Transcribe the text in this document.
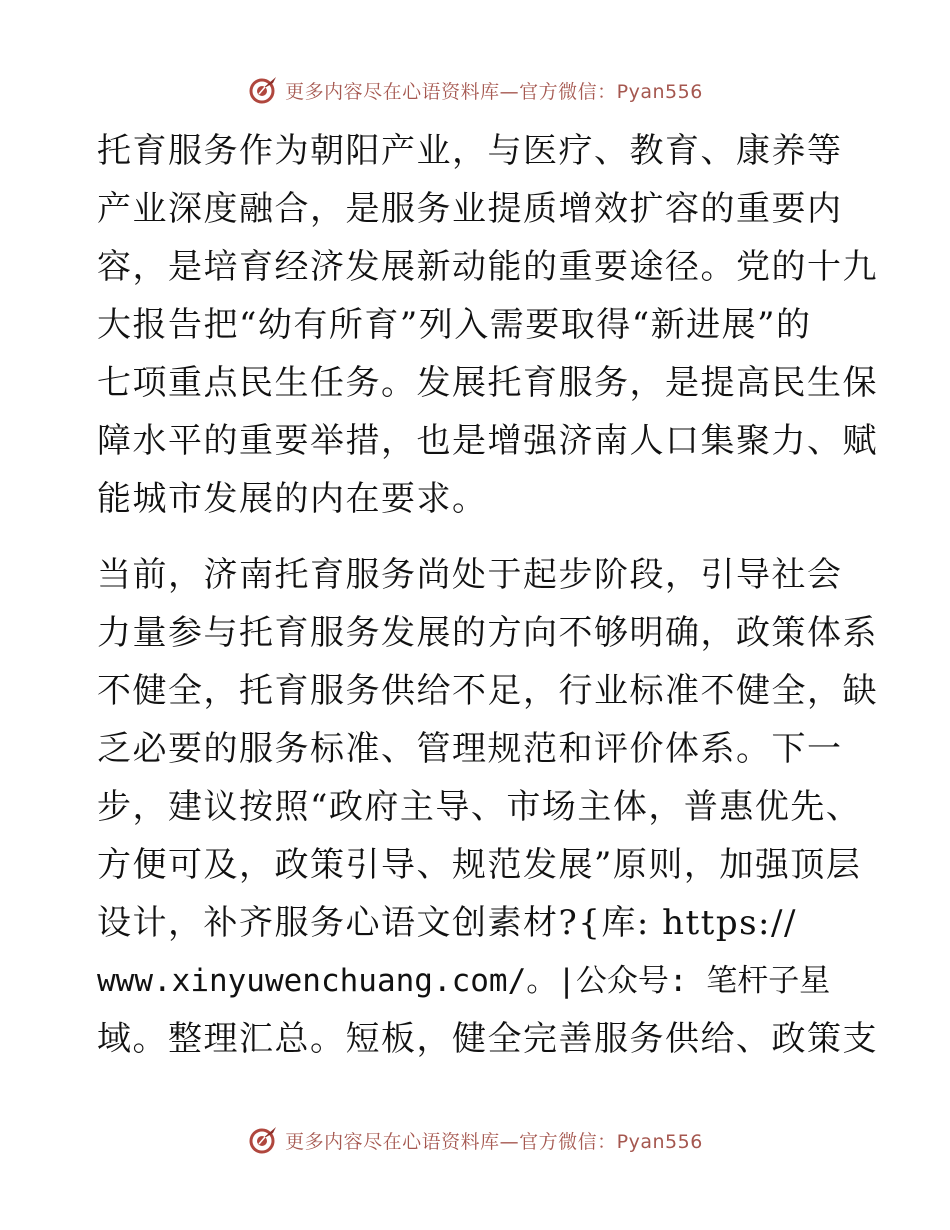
更多内容尽在心语资料库—官方微信：Pyan556
托育服务作为朝阳产业，与医疗、教育、康养等
产业深度融合，是服务业提质增效扩容的重要内
容，是培育经济发展新动能的重要途径。党的十九
大报告把“幼有所育”列入需要取得“新进展”的
七项重点民生任务。发展托育服务，是提高民生保
障水平的重要举措，也是增强济南人口集聚力、赋
能城市发展的内在要求。
当前，济南托育服务尚处于起步阶段，引导社会
力量参与托育服务发展的方向不够明确，政策体系
不健全，托育服务供给不足，行业标准不健全，缺
乏必要的服务标准、管理规范和评价体系。下一
步，建议按照“政府主导、市场主体，普惠优先、
方便可及，政策引导、规范发展”原则，加强顶层
设计，补齐服务心语文创素材?{库: https://
www.xinyuwenchuang.com/。|公众号: 笔杆子星
域。整理汇总。短板，健全完善服务供给、政策支
更多内容尽在心语资料库—官方微信：Pyan556
